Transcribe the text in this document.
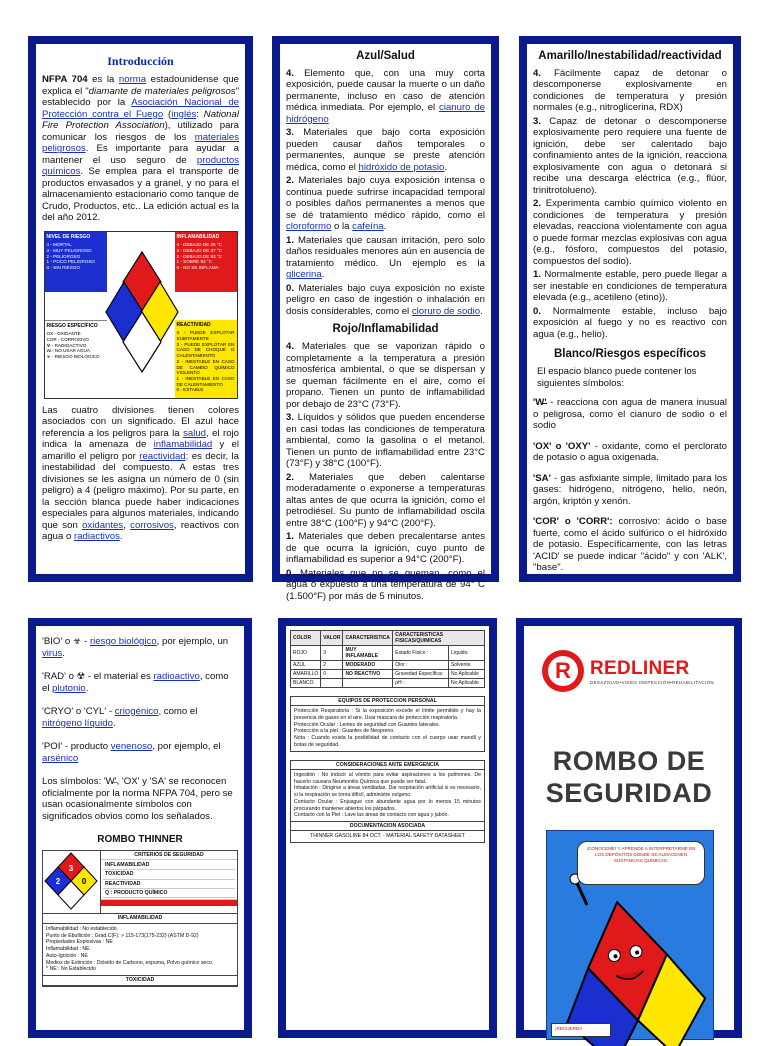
Introducción
NFPA 704 es la norma estadounidense que explica el "diamante de materiales peligrosos" establecido por la Asociación Nacional de Protección contra el Fuego (inglés: National Fire Protection Association), utilizado para comunicar los riesgos de los materiales peligrosos. Es importante para ayudar a mantener el uso seguro de productos químicos. Se emplea para el transporte de productos envasados y a granel, y no para el almacenamiento estacionario como tanque de Crudo, Productos, etc.. La edición actual es la del año 2012.
NIVEL DE RIESGO
4 - MORTAL
3 - MUY PELIGROSO
2 - PELIGROSO
1 - POCO PELIGROSO
0 - SIN RIESGO
INFLAMABILIDAD
4 - DEBAJO DE 25 °C
3 - DEBAJO DE 37 °C
2 - DEBAJO DE 93 °C
1 - SOBRE 93 °C
0 - NO SE INFLAMA
RIESGO ESPECÍFICO
OX - OXIDANTE
COR - CORROSIVO
☢ - RADIOACTIVO
W̶ - NO USAR AGUA
☣ - RIESGO BIOLÓGICO
REACTIVIDAD
4 - PUEDE EXPLOTAR SUBITAMENTE
3 - PUEDE EXPLOTAR EN CASO DE CHOQUE O CALENTAMIENTO
2 - INESTABLE EN CASO DE CAMBIO QUÍMICO VIOLENTO
1 - INESTABLE EN CASO DE CALENTAMIENTO
0 - ESTABLE
Las cuatro divisiones tienen colores asociados con un significado. El azul hace referencia a los peligros para la salud, el rojo indica la amenaza de inflamabilidad y el amarillo el peligro por reactividad: es decir, la inestabilidad del compuesto. A estas tres divisiones se les asigna un número de 0 (sin peligro) a 4 (peligro máximo). Por su parte, en la sección blanca puede haber indicaciones especiales para algunos materiales, indicando que son oxidantes, corrosivos, reactivos con agua o radiactivos.
Azul/Salud
4. Elemento que, con una muy corta exposición, puede causar la muerte o un daño permanente, incluso en caso de atención médica inmediata. Por ejemplo, el cianuro de hidrógeno
3. Materiales que bajo corta exposición pueden causar daños temporales o permanentes, aunque se preste atención médica, como el hidróxido de potasio.
2. Materiales bajo cuya exposición intensa o continua puede sufrirse incapacidad temporal o posibles daños permanentes a menos que se dé tratamiento médico rápido, como el cloroformo o la cafeína.
1. Materiales que causan irritación, pero solo daños residuales menores aún en ausencia de tratamiento médico. Un ejemplo es la glicerina.
0. Materiales bajo cuya exposición no existe peligro en caso de ingestión o inhalación en dosis considerables, como el cloruro de sodio.
Rojo/Inflamabilidad
4. Materiales que se vaporizan rápido o completamente a la temperatura a presión atmosférica ambiental, o que se dispersan y se queman fácilmente en el aire, como el propano. Tienen un punto de inflamabilidad por debajo de 23°C (73°F).
3. Líquidos y sólidos que pueden encenderse en casi todas las condiciones de temperatura ambiental, como la gasolina o el metanol. Tienen un punto de inflamabilidad entre 23°C (73°F) y 38°C (100°F).
2. Materiales que deben calentarse moderadamente o exponerse a temperaturas altas antes de que ocurra la ignición, como el petrodiésel. Su punto de inflamabilidad oscila entre 38°C (100°F) y 94°C (200°F).
1. Materiales que deben precalentarse antes de que ocurra la ignición, cuyo punto de inflamabilidad es superior a 94°C (200°F).
0. Materiales que no se queman, como el agua o expuesto a una temperatura de 94° C (1.500°F) por más de 5 minutos.
Amarillo/Inestabilidad/reactividad
4. Fácilmente capaz de detonar o descomponerse explosivamente en condiciones de temperatura y presión normales (e.g., nitroglicerina, RDX)
3. Capaz de detonar o descomponerse explosivamente pero requiere una fuente de ignición, debe ser calentado bajo confinamiento antes de la ignición, reacciona explosivamente con agua o detonará si recibe una descarga eléctrica (e.g., flúor, trinitrotolueno).
2. Experimenta cambio químico violento en condiciones de temperatura y presión elevadas, reacciona violentamente con agua o puede formar mezclas explosivas con agua (e.g., fósforo, compuestos del potasio, compuestos del sodio).
1. Normalmente estable, pero puede llegar a ser inestable en condiciones de temperatura elevada (e.g., acetileno (etino)).
0. Normalmente estable, incluso bajo exposición al fuego y no es reactivo con agua (e.g., helio).
Blanco/Riesgos específicos
El espacio blanco puede contener los siguientes símbolos:
'W̶' - reacciona con agua de manera inusual o peligrosa, como el cianuro de sodio o el sodio
'OX' o 'OXY' - oxidante, como el perclorato de potasio o agua oxigenada.
'SA' - gas asfixiante simple, limitado para los gases: hidrógeno, nitrógeno, helio, neón, argón, kriptón y xenón.
'COR' o 'CORR': corrosivo: ácido o base fuerte, como el ácido sulfúrico o el hidróxido de potasio. Específicamente, con las letras 'ACID' se puede indicar "ácido" y con 'ALK', "base".
'BIO' o ☣ - riesgo biológico, por ejemplo, un virus.
'RAD' o ☢ - el material es radioactivo, como el plutonio.
'CRYO' o 'CYL' - criogénico, como el nitrógeno líquido.
'POI' - producto venenoso, por ejemplo, el arsénico
Los símbolos: 'W̶', 'OX' y 'SA' se reconocen oficialmente por la norma NFPA 704, pero se usan ocasionalmente símbolos con significados obvios como los señalados.
ROMBO THINNER
3
2	0
CRITERIOS DE SEGURIDAD
INFLAMABILIDAD
TOXICIDAD
REACTIVIDAD
Q : PRODUCTO QUÍMICO
INFLAMABILIDAD
Inflamabilidad : No establecido.
Punto de Ebullición : Grad.C(F): > 115-173(175-232) (ASTM D-92)
Propiedades Explosivas : NE
Inflamabilidad : NE
Auto-Ignición : NE
Medios de Extinción : Dióxido de Carbono, espuma, Polvo químico seco.
* NE : No Establecido
TOXICIDAD
COLOR	VALOR	CARACTERISTICA	CARACTERISTICAS FISICAS/QUIMICAS	
ROJO	3	MUY INFLAMABLE	Estado Físico :	Líquido.
AZUL	2	MODERADO	Olor :	Solvente.
AMARILLO	0	NO REACTIVO	Gravedad Específica:	No Aplicable
BLANCO			pH :	No Aplicable
EQUIPOS DE PROTECCION PERSONAL
Protección Respiratoria : Si la exposición excede el límite permitido y hay la presencia de gases en el aire. Usar mascara de protección respiratoria.
Protección Ocular : Lentes de seguridad con Guantes laterales.
Protección a la piel : Guantes de Neopreno.
Nota : Cuando exista la posibilidad de contacto con el cuerpo usar mandil y botas de seguridad.
CONSIDERACIONES ANTE EMERGENCIA
Ingestión : No inducir al vómito para evitar aspiraciones a los pulmones. De hacerlo causara Neumonitis Química que puede ser fatal.
Inhalación : Dirigirse a áreas ventiladas. Dar respiración artificial si es necesario, si la respiración se torna difícil, administre oxígeno.
Contacto Ocular : Enjuague con abundante agua por lo menos 15 minutos procurando mantener abiertos los párpados.
Contacto con la Piel : Lave las áreas de contacto con agua y jabón.
DOCUMENTACION ASOCIADA
THINNER GASOLINE 84 OCT. - MATERIAL SAFETY DATASHEET
R	REDLINER
DESAZOLVE•VIDEO INSPECCIÓN•REHABILITACIÓN
ROMBO DE
SEGURIDAD
¡CONOCEME! Y APRENDE A INTERPRETARME EN LOS DEPÓSITOS DONDE SE ALMACENEN SUSTANCIAS QUÍMICAS.
¡RECUERDA
